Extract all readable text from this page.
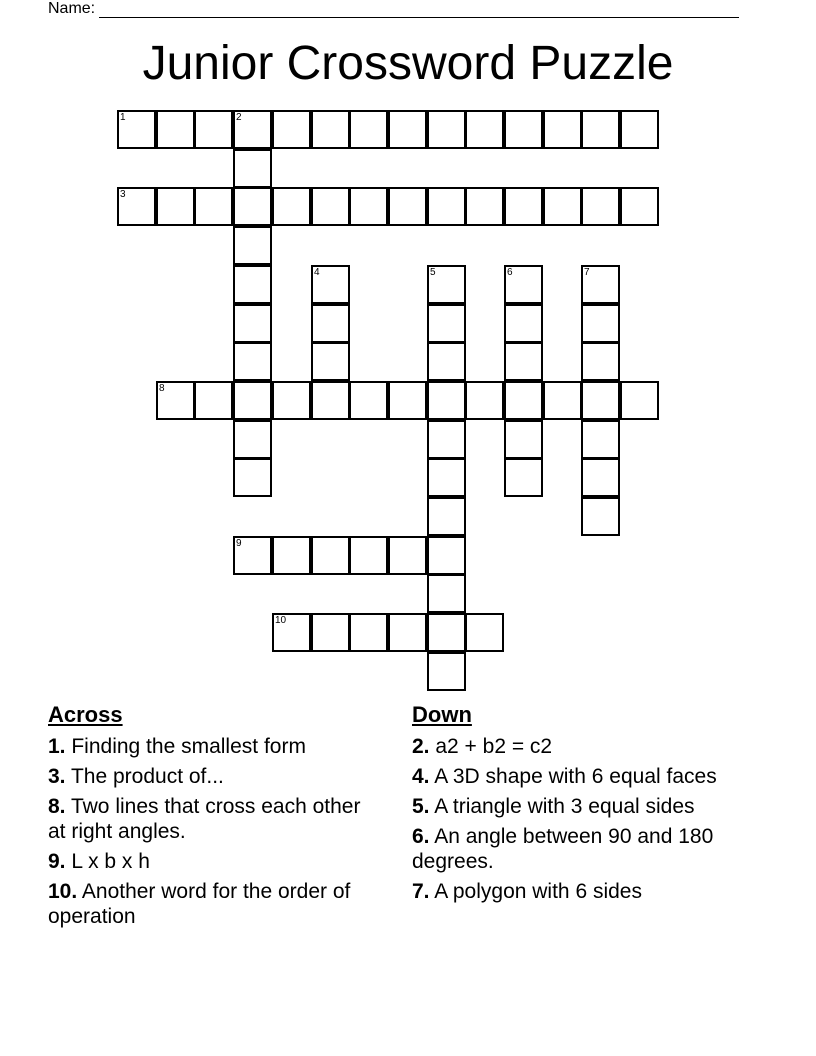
Name:
Junior Crossword Puzzle
1	2
3
8
9
10
4	5	6	7
Across
1. Finding the smallest form
3. The product of...
8. Two lines that cross each other at right angles.
9. L x b x h
10. Another word for the order of operation
Down
2. a2 + b2 = c2
4. A 3D shape with 6 equal faces
5. A triangle with 3 equal sides
6. An angle between 90 and 180 degrees.
7. A polygon with 6 sides
